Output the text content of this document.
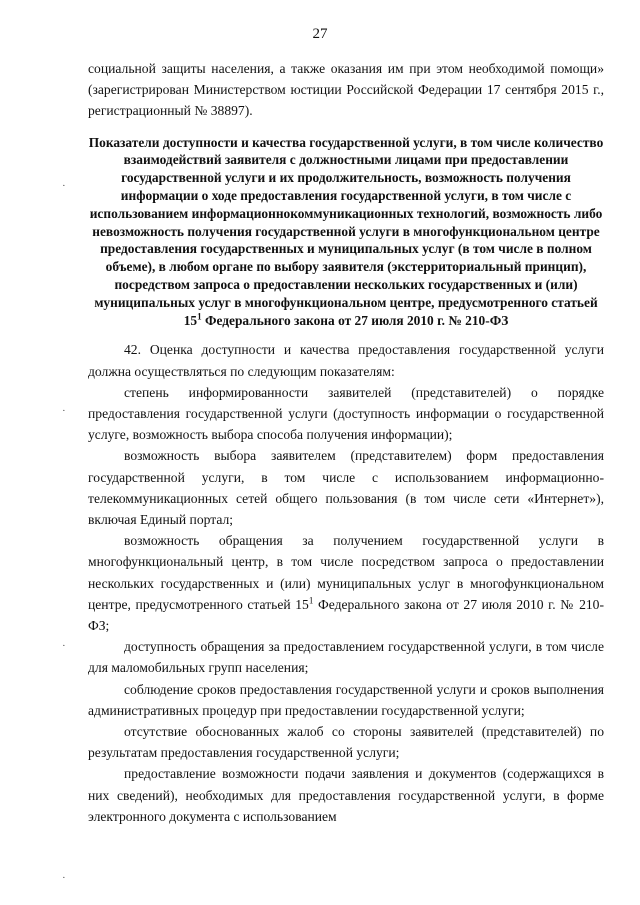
27

социальной защиты населения, а также оказания им при этом необходимой помощи» (зарегистрирован Министерством юстиции Российской Федерации 17 сентября 2015 г., регистрационный № 38897).

Показатели доступности и качества государственной услуги, в том числе количество взаимодействий заявителя с должностными лицами при предоставлении государственной услуги и их продолжительность, возможность получения информации о ходе предоставления государственной услуги, в том числе с использованием информационнокоммуникационных технологий, возможность либо невозможность получения государственной услуги в многофункциональном центре предоставления государственных и муниципальных услуг (в том числе в полном объеме), в любом органе по выбору заявителя (экстерриториальный принцип), посредством запроса о предоставлении нескольких государственных и (или) муниципальных услуг в многофункциональном центре, предусмотренного статьей $15^1$ Федерального закона от 27 июля 2010 г. № 210-ФЗ

42. Оценка доступности и качества предоставления государственной услуги должна осуществляться по следующим показателям:

степень информированности заявителей (представителей) о порядке предоставления государственной услуги (доступность информации о государственной услуге, возможность выбора способа получения информации);

возможность выбора заявителем (представителем) форм предоставления государственной услуги, в том числе с использованием информационно-телекоммуникационных сетей общего пользования (в том числе сети «Интернет»), включая Единый портал;

возможность обращения за получением государственной услуги в многофункциональный центр, в том числе посредством запроса о предоставлении нескольких государственных и (или) муниципальных услуг в многофункциональном центре, предусмотренного статьей $15^1$ Федерального закона от 27 июля 2010 г. № 210-ФЗ;

доступность обращения за предоставлением государственной услуги, в том числе для маломобильных групп населения;

соблюдение сроков предоставления государственной услуги и сроков выполнения административных процедур при предоставлении государственной услуги;

отсутствие обоснованных жалоб со стороны заявителей (представителей) по результатам предоставления государственной услуги;

предоставление возможности подачи заявления и документов (содержащихся в них сведений), необходимых для предоставления государственной услуги, в форме электронного документа с использованием

·
·
·
·
